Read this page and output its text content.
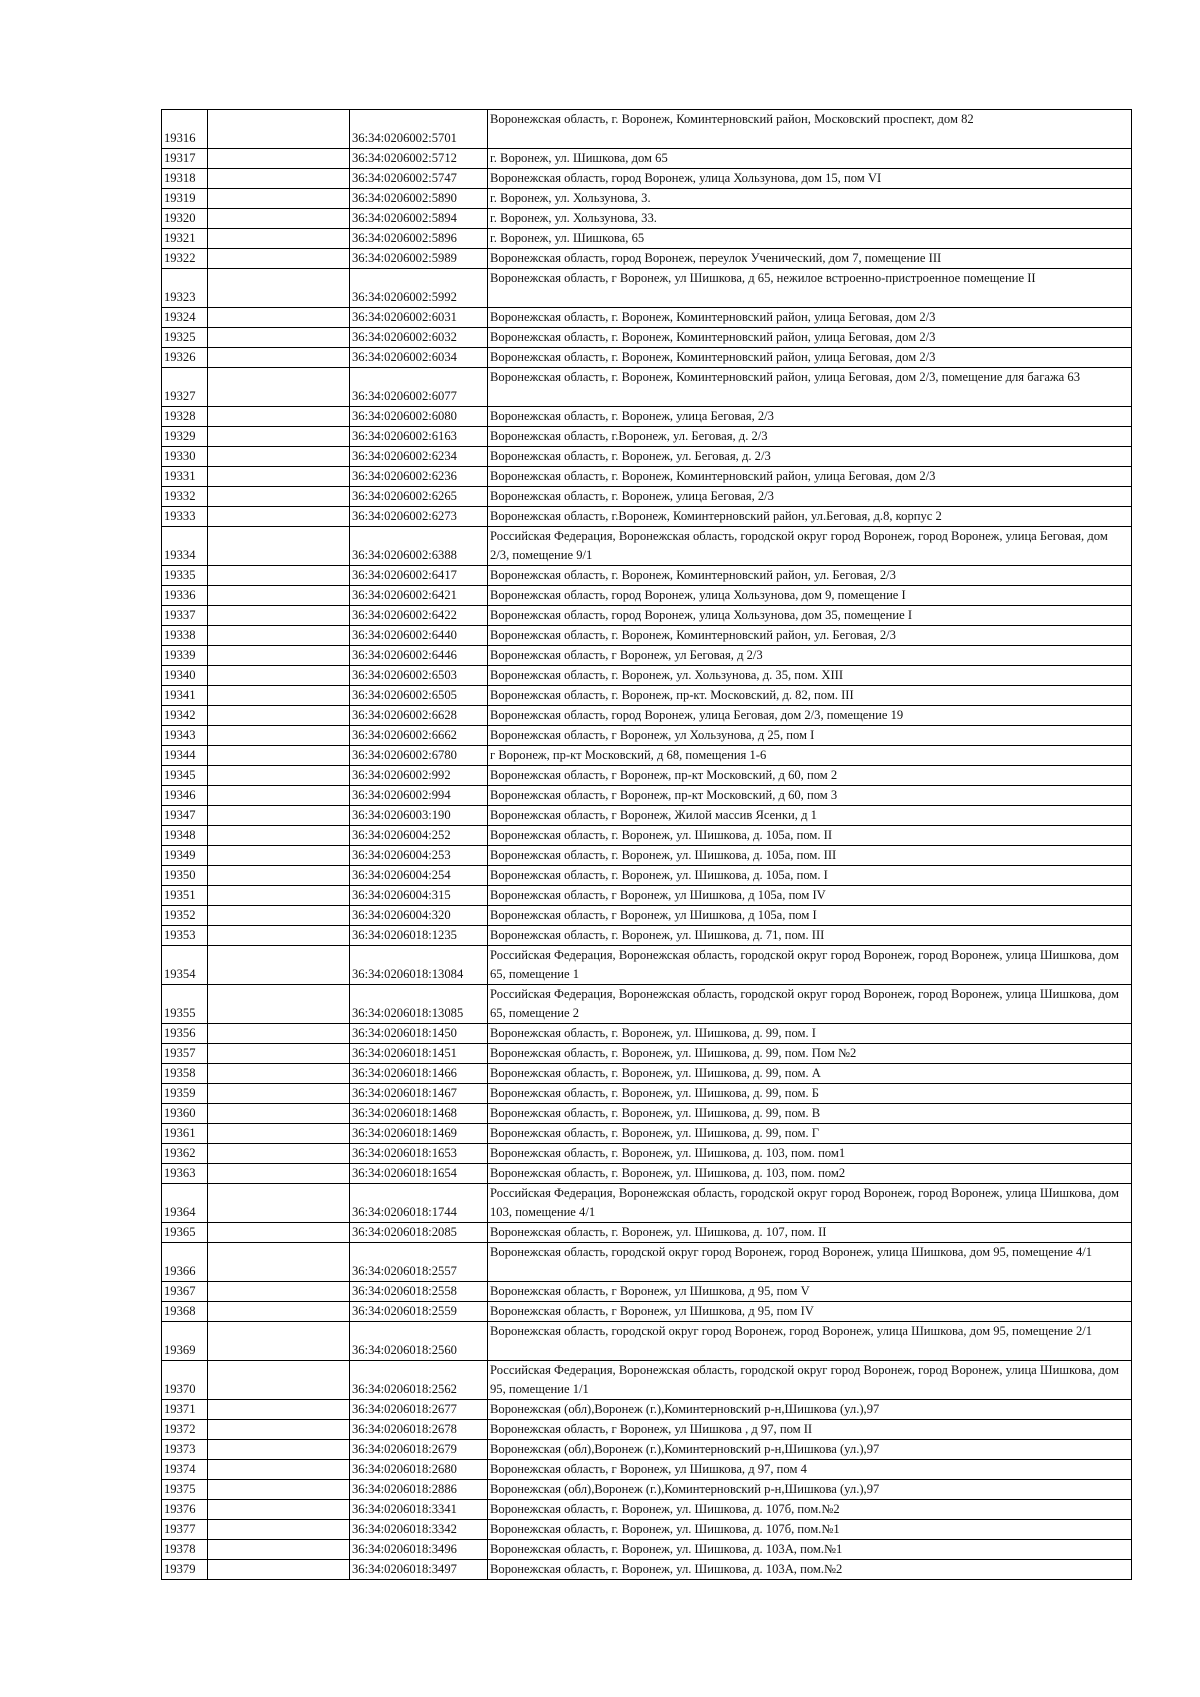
19316		36:34:0206002:5701	Воронежская область, г. Воронеж, Коминтерновский район, Московский проспект, дом 82
19317		36:34:0206002:5712	г. Воронеж, ул. Шишкова, дом 65
19318		36:34:0206002:5747	Воронежская область, город Воронеж, улица Хользунова, дом 15, пом VI
19319		36:34:0206002:5890	г. Воронеж, ул. Хользунова, 3.
19320		36:34:0206002:5894	г. Воронеж, ул. Хользунова, 33.
19321		36:34:0206002:5896	г. Воронеж, ул. Шишкова, 65
19322		36:34:0206002:5989	Воронежская область, город Воронеж, переулок Ученический, дом 7, помещение III
19323		36:34:0206002:5992	Воронежская область, г Воронеж, ул Шишкова, д 65, нежилое встроенно-пристроенное помещение II
19324		36:34:0206002:6031	Воронежская область, г. Воронеж, Коминтерновский район, улица Беговая, дом 2/3
19325		36:34:0206002:6032	Воронежская область, г. Воронеж, Коминтерновский район, улица Беговая, дом 2/3
19326		36:34:0206002:6034	Воронежская область, г. Воронеж, Коминтерновский район, улица Беговая, дом 2/3
19327		36:34:0206002:6077	Воронежская область, г. Воронеж, Коминтерновский район, улица Беговая, дом 2/3, помещение для багажа 63
19328		36:34:0206002:6080	Воронежская область, г. Воронеж, улица Беговая, 2/3
19329		36:34:0206002:6163	Воронежская область, г.Воронеж, ул. Беговая, д. 2/3
19330		36:34:0206002:6234	Воронежская область, г. Воронеж, ул. Беговая, д. 2/3
19331		36:34:0206002:6236	Воронежская область, г. Воронеж, Коминтерновский район, улица Беговая, дом 2/3
19332		36:34:0206002:6265	Воронежская область, г. Воронеж, улица Беговая, 2/3
19333		36:34:0206002:6273	Воронежская область, г.Воронеж, Коминтерновский район, ул.Беговая, д.8, корпус 2
19334		36:34:0206002:6388	Российская Федерация, Воронежская область, городской округ город Воронеж, город Воронеж, улица Беговая, дом 2/3, помещение 9/1
19335		36:34:0206002:6417	Воронежская область, г. Воронеж, Коминтерновский район, ул. Беговая, 2/3
19336		36:34:0206002:6421	Воронежская область, город Воронеж, улица Хользунова, дом 9, помещение I
19337		36:34:0206002:6422	Воронежская область, город Воронеж, улица Хользунова, дом 35, помещение I
19338		36:34:0206002:6440	Воронежская область, г. Воронеж, Коминтерновский район, ул. Беговая, 2/3
19339		36:34:0206002:6446	Воронежская область, г Воронеж, ул Беговая, д 2/3
19340		36:34:0206002:6503	Воронежская область, г. Воронеж, ул. Хользунова, д. 35, пом. XIII
19341		36:34:0206002:6505	Воронежская область, г. Воронеж, пр-кт. Московский, д. 82, пом. III
19342		36:34:0206002:6628	Воронежская область, город Воронеж, улица Беговая, дом 2/3, помещение 19
19343		36:34:0206002:6662	Воронежская область, г Воронеж, ул Хользунова, д 25, пом I
19344		36:34:0206002:6780	г Воронеж, пр-кт Московский, д 68, помещения 1-6
19345		36:34:0206002:992	Воронежская область, г Воронеж, пр-кт Московский, д 60, пом 2
19346		36:34:0206002:994	Воронежская область, г Воронеж, пр-кт Московский, д 60, пом 3
19347		36:34:0206003:190	Воронежская область, г Воронеж, Жилой массив Ясенки, д 1
19348		36:34:0206004:252	Воронежская область, г. Воронеж, ул. Шишкова, д. 105а, пом. II
19349		36:34:0206004:253	Воронежская область, г. Воронеж, ул. Шишкова, д. 105а, пом. III
19350		36:34:0206004:254	Воронежская область, г. Воронеж, ул. Шишкова, д. 105а, пом. I
19351		36:34:0206004:315	Воронежская область, г Воронеж, ул Шишкова, д 105а, пом IV
19352		36:34:0206004:320	Воронежская область, г Воронеж, ул Шишкова, д 105а, пом I
19353		36:34:0206018:1235	Воронежская область, г. Воронеж, ул. Шишкова, д. 71, пом. III
19354		36:34:0206018:13084	Российская Федерация, Воронежская область, городской округ город Воронеж, город Воронеж, улица Шишкова, дом 65, помещение 1
19355		36:34:0206018:13085	Российская Федерация, Воронежская область, городской округ город Воронеж, город Воронеж, улица Шишкова, дом 65, помещение 2
19356		36:34:0206018:1450	Воронежская область, г. Воронеж, ул. Шишкова, д. 99, пом. I
19357		36:34:0206018:1451	Воронежская область, г. Воронеж, ул. Шишкова, д. 99, пом. Пом №2
19358		36:34:0206018:1466	Воронежская область, г. Воронеж, ул. Шишкова, д. 99, пом. А
19359		36:34:0206018:1467	Воронежская область, г. Воронеж, ул. Шишкова, д. 99, пом. Б
19360		36:34:0206018:1468	Воронежская область, г. Воронеж, ул. Шишкова, д. 99, пом. В
19361		36:34:0206018:1469	Воронежская область, г. Воронеж, ул. Шишкова, д. 99, пом. Г
19362		36:34:0206018:1653	Воронежская область, г. Воронеж, ул. Шишкова, д. 103, пом. пом1
19363		36:34:0206018:1654	Воронежская область, г. Воронеж, ул. Шишкова, д. 103, пом. пом2
19364		36:34:0206018:1744	Российская Федерация, Воронежская область, городской округ город Воронеж, город Воронеж, улица Шишкова, дом 103, помещение 4/1
19365		36:34:0206018:2085	Воронежская область, г. Воронеж, ул. Шишкова, д. 107, пом. II
19366		36:34:0206018:2557	Воронежская область, городской округ город Воронеж, город Воронеж, улица Шишкова, дом 95, помещение 4/1
19367		36:34:0206018:2558	Воронежская область, г Воронеж, ул Шишкова, д 95, пом V
19368		36:34:0206018:2559	Воронежская область, г Воронеж, ул Шишкова, д 95, пом IV
19369		36:34:0206018:2560	Воронежская область, городской округ город Воронеж, город Воронеж, улица Шишкова, дом 95, помещение 2/1
19370		36:34:0206018:2562	Российская Федерация, Воронежская область, городской округ город Воронеж, город Воронеж, улица Шишкова, дом 95, помещение 1/1
19371		36:34:0206018:2677	Воронежская (обл),Воронеж (г.),Коминтерновский р-н,Шишкова (ул.),97
19372		36:34:0206018:2678	Воронежская область, г Воронеж, ул Шишкова , д 97, пом II
19373		36:34:0206018:2679	Воронежская (обл),Воронеж (г.),Коминтерновский р-н,Шишкова (ул.),97
19374		36:34:0206018:2680	Воронежская область, г Воронеж, ул Шишкова, д 97, пом 4
19375		36:34:0206018:2886	Воронежская (обл),Воронеж (г.),Коминтерновский р-н,Шишкова (ул.),97
19376		36:34:0206018:3341	Воронежская область, г. Воронеж, ул. Шишкова, д. 107б, пом.№2
19377		36:34:0206018:3342	Воронежская область, г. Воронеж, ул. Шишкова, д. 107б, пом.№1
19378		36:34:0206018:3496	Воронежская область, г. Воронеж, ул. Шишкова, д. 103А, пом.№1
19379		36:34:0206018:3497	Воронежская область, г. Воронеж, ул. Шишкова, д. 103А, пом.№2
